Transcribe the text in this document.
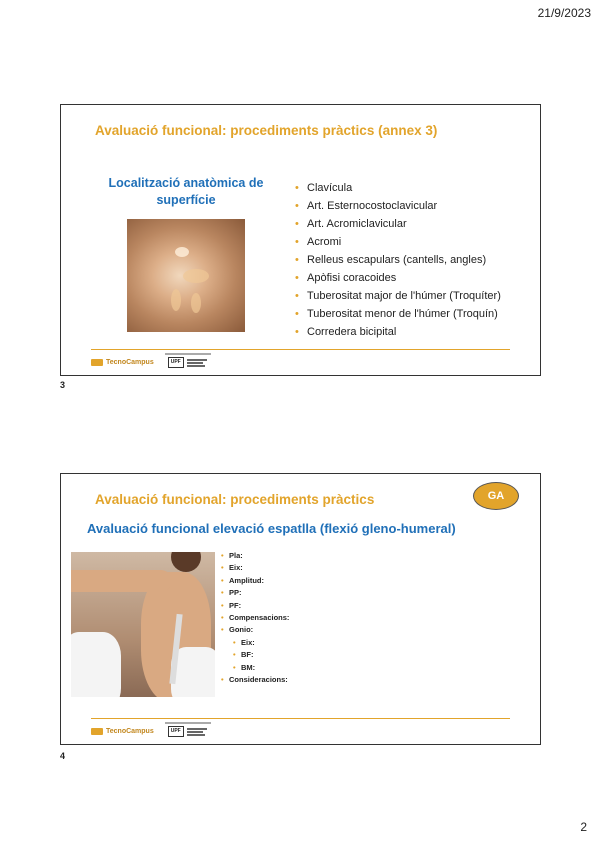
21/9/2023
Avaluació funcional: procediments pràctics (annex 3)
Localització anatòmica de superfície
• Clavícula
• Art. Esternocostoclavicular
• Art. Acromiclavicular
• Acromi
• Relleus escapulars (cantells, angles)
• Apòfisi coracoides
• Tuberositat major de l'húmer (Troquíter)
• Tuberositat menor de l'húmer (Troquín)
• Corredera bicipital
TecnoCampus	UPF
3
Avaluació funcional: procediments pràctics	GA
Avaluació funcional elevació espatlla (flexió gleno-humeral)
• Pla:
• Eix:
• Amplitud:
• PP:
• PF:
• Compensacions:
• Gonio:
• Eix:
• BF:
• BM:
• Consideracions:
TecnoCampus	UPF
4
2
